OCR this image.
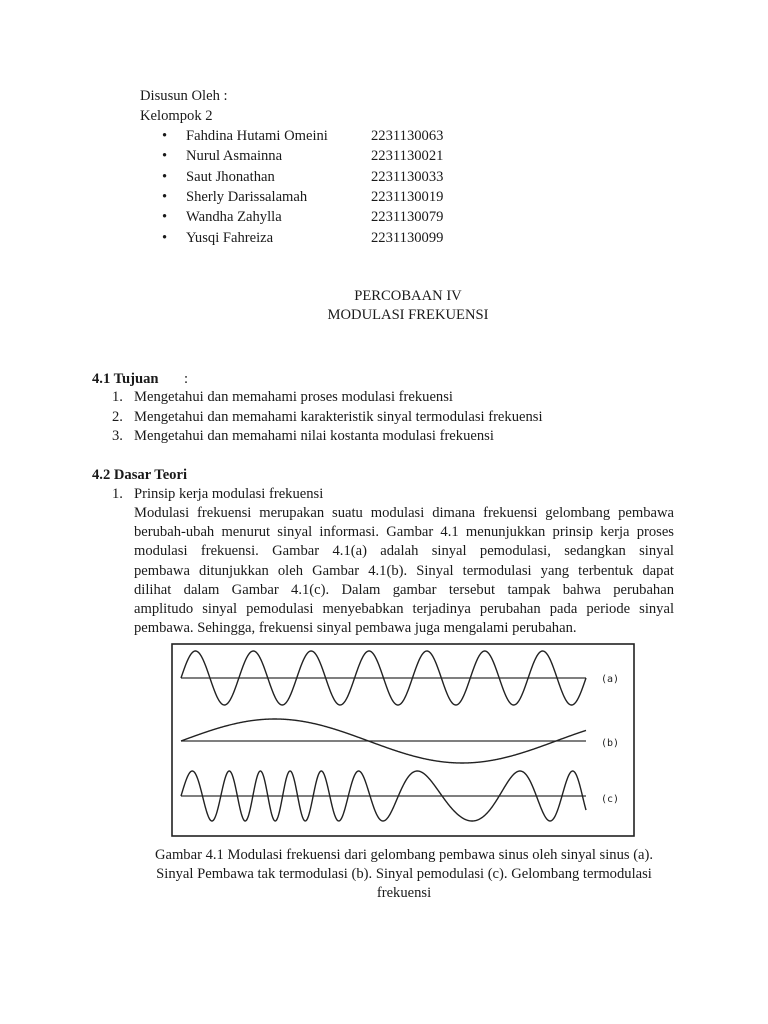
Disusun Oleh :
Kelompok 2
• Fahdina Hutami Omeini	2231130063
• Nurul Asmainna	2231130021
• Saut Jhonathan	2231130033
• Sherly Darissalamah	2231130019
• Wandha Zahylla	2231130079
• Yusqi Fahreiza	2231130099
PERCOBAAN IV
MODULASI FREKUENSI
4.1 Tujuan :
1. Mengetahui dan memahami proses modulasi frekuensi
2. Mengetahui dan memahami karakteristik sinyal termodulasi frekuensi
3. Mengetahui dan memahami nilai kostanta modulasi frekuensi
4.2 Dasar Teori
1. Prinsip kerja modulasi frekuensi
Modulasi frekuensi merupakan suatu modulasi dimana frekuensi gelombang pembawa
berubah-ubah menurut sinyal informasi. Gambar 4.1 menunjukkan prinsip kerja proses
modulasi frekuensi. Gambar 4.1(a) adalah sinyal pemodulasi, sedangkan sinyal
pembawa ditunjukkan oleh Gambar 4.1(b). Sinyal termodulasi yang terbentuk dapat
dilihat dalam Gambar 4.1(c). Dalam gambar tersebut tampak bahwa perubahan
amplitudo sinyal pemodulasi menyebabkan terjadinya perubahan pada periode sinyal
pembawa. Sehingga, frekuensi sinyal pembawa juga mengalami perubahan.
(a)
(b)
(c)
Gambar 4.1 Modulasi frekuensi dari gelombang pembawa sinus oleh sinyal sinus (a).
Sinyal Pembawa tak termodulasi (b). Sinyal pemodulasi (c). Gelombang termodulasi
frekuensi
